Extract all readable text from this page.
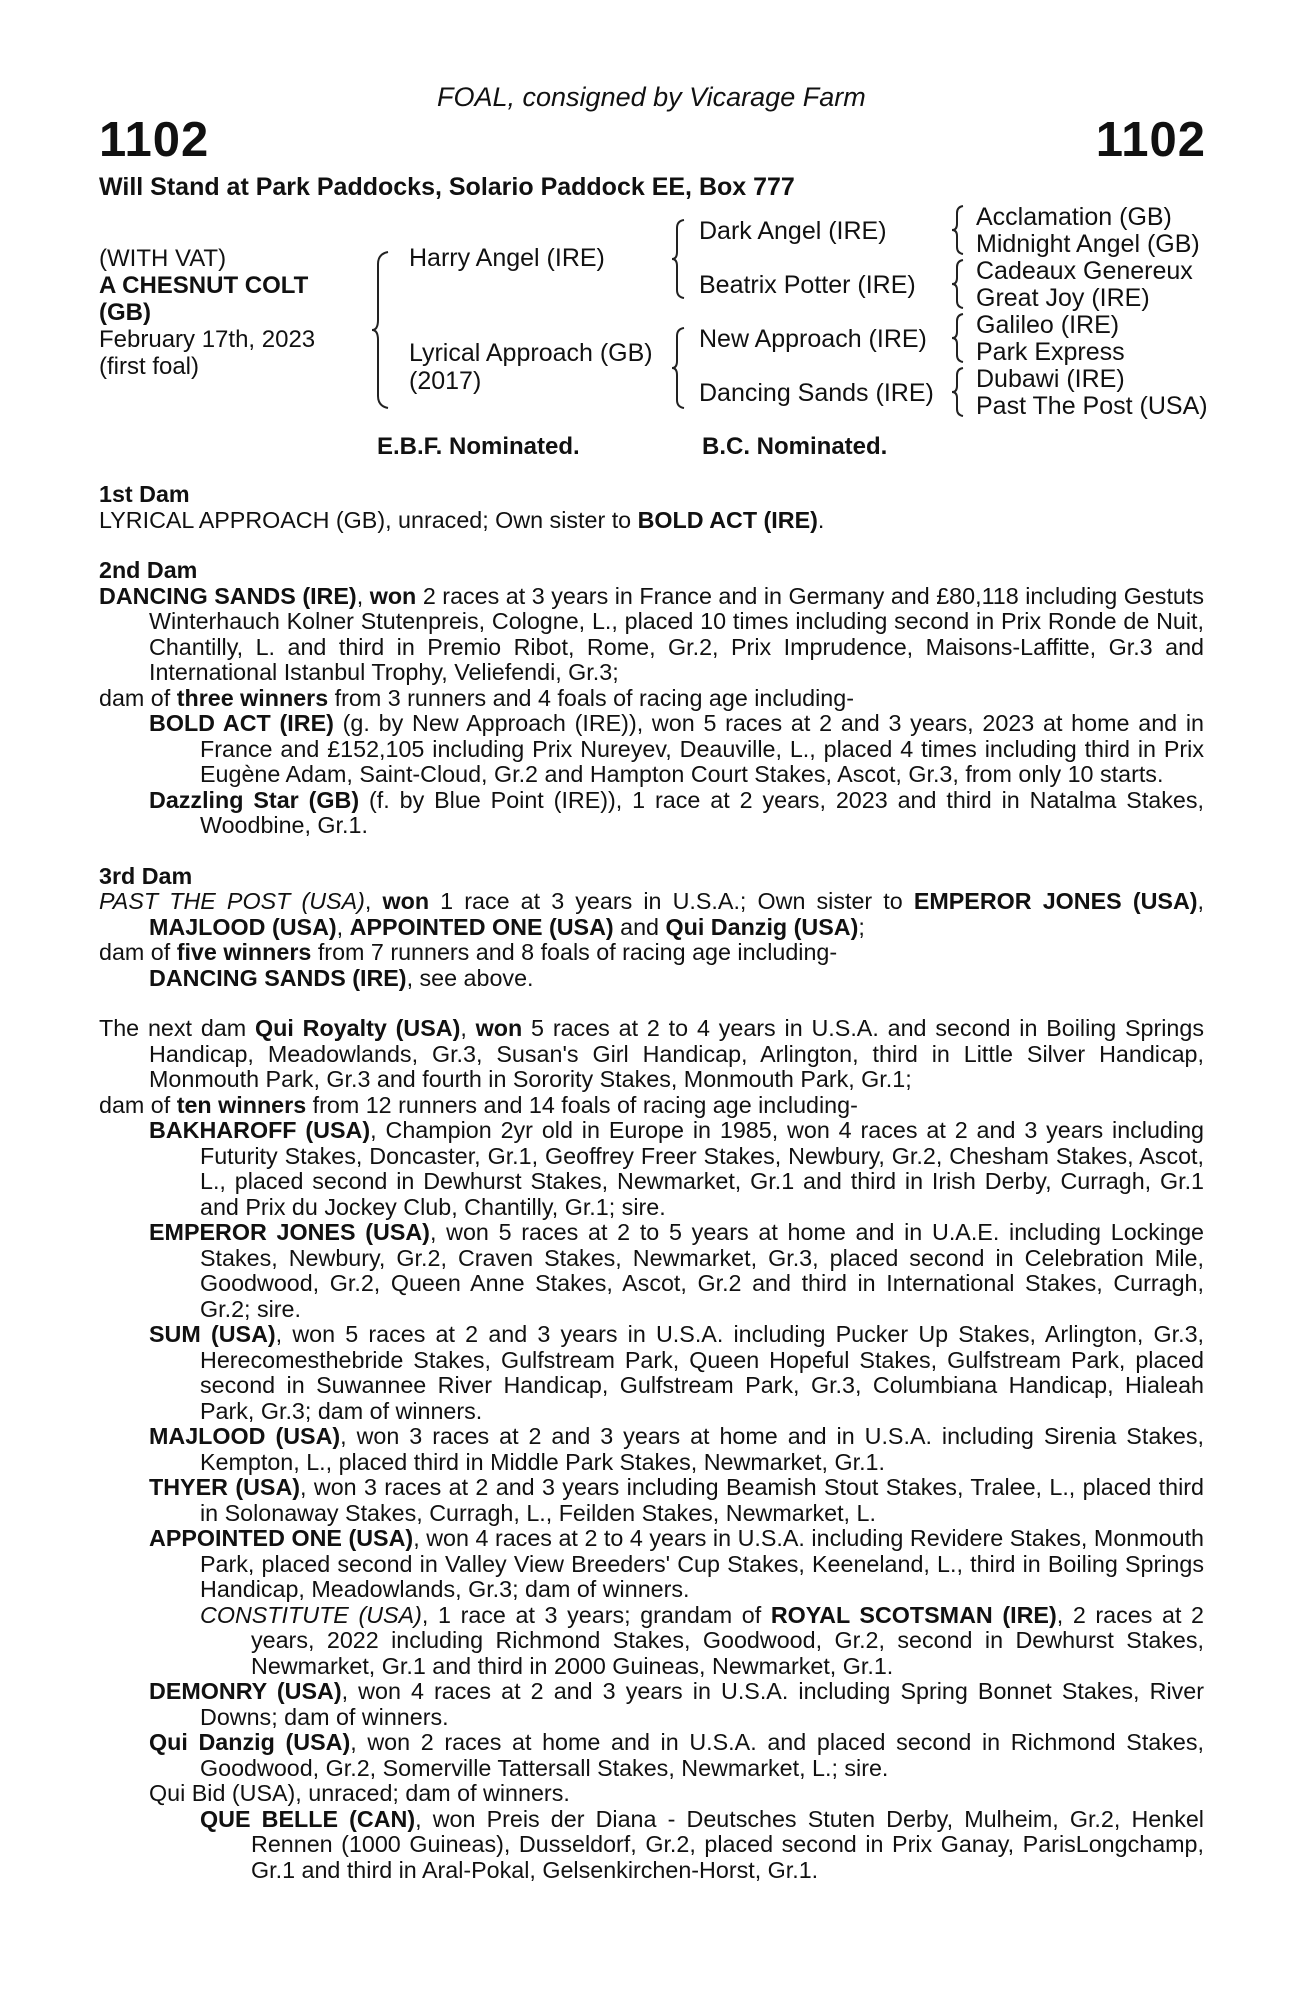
FOAL, consigned by Vicarage Farm
1102	1102
Will Stand at Park Paddocks, Solario Paddock EE, Box 777
(WITH VAT)
A CHESNUT COLT
(GB)
February 17th, 2023
(first foal)
Harry Angel (IRE)
Lyrical Approach (GB)
(2017)
Dark Angel (IRE)
Beatrix Potter (IRE)
New Approach (IRE)
Dancing Sands (IRE)
Acclamation (GB)
Midnight Angel (GB)
Cadeaux Genereux
Great Joy (IRE)
Galileo (IRE)
Park Express
Dubawi (IRE)
Past The Post (USA)
E.B.F. Nominated.	B.C. Nominated.

1st Dam

LYRICAL APPROACH (GB), unraced; Own sister to BOLD ACT (IRE).

2nd Dam

DANCING SANDS (IRE), won 2 races at 3 years in France and in Germany and £80,118 including Gestuts Winterhauch Kolner Stutenpreis, Cologne, L., placed 10 times including second in Prix Ronde de Nuit, Chantilly, L. and third in Premio Ribot, Rome, Gr.2, Prix Imprudence, Maisons-Laffitte, Gr.3 and International Istanbul Trophy, Veliefendi, Gr.3;

dam of three winners from 3 runners and 4 foals of racing age including-

BOLD ACT (IRE) (g. by New Approach (IRE)), won 5 races at 2 and 3 years, 2023 at home and in France and £152,105 including Prix Nureyev, Deauville, L., placed 4 times including third in Prix Eugène Adam, Saint-Cloud, Gr.2 and Hampton Court Stakes, Ascot, Gr.3, from only 10 starts.

Dazzling Star (GB) (f. by Blue Point (IRE)), 1 race at 2 years, 2023 and third in Natalma Stakes, Woodbine, Gr.1.

3rd Dam

PAST THE POST (USA), won 1 race at 3 years in U.S.A.; Own sister to EMPEROR JONES (USA), MAJLOOD (USA), APPOINTED ONE (USA) and Qui Danzig (USA);

dam of five winners from 7 runners and 8 foals of racing age including-

DANCING SANDS (IRE), see above.

The next dam Qui Royalty (USA), won 5 races at 2 to 4 years in U.S.A. and second in Boiling Springs Handicap, Meadowlands, Gr.3, Susan's Girl Handicap, Arlington, third in Little Silver Handicap, Monmouth Park, Gr.3 and fourth in Sorority Stakes, Monmouth Park, Gr.1;

dam of ten winners from 12 runners and 14 foals of racing age including-

BAKHAROFF (USA), Champion 2yr old in Europe in 1985, won 4 races at 2 and 3 years including Futurity Stakes, Doncaster, Gr.1, Geoffrey Freer Stakes, Newbury, Gr.2, Chesham Stakes, Ascot, L., placed second in Dewhurst Stakes, Newmarket, Gr.1 and third in Irish Derby, Curragh, Gr.1 and Prix du Jockey Club, Chantilly, Gr.1; sire.

EMPEROR JONES (USA), won 5 races at 2 to 5 years at home and in U.A.E. including Lockinge Stakes, Newbury, Gr.2, Craven Stakes, Newmarket, Gr.3, placed second in Celebration Mile, Goodwood, Gr.2, Queen Anne Stakes, Ascot, Gr.2 and third in International Stakes, Curragh, Gr.2; sire.

SUM (USA), won 5 races at 2 and 3 years in U.S.A. including Pucker Up Stakes, Arlington, Gr.3, Herecomesthebride Stakes, Gulfstream Park, Queen Hopeful Stakes, Gulfstream Park, placed second in Suwannee River Handicap, Gulfstream Park, Gr.3, Columbiana Handicap, Hialeah Park, Gr.3; dam of winners.

MAJLOOD (USA), won 3 races at 2 and 3 years at home and in U.S.A. including Sirenia Stakes, Kempton, L., placed third in Middle Park Stakes, Newmarket, Gr.1.

THYER (USA), won 3 races at 2 and 3 years including Beamish Stout Stakes, Tralee, L., placed third in Solonaway Stakes, Curragh, L., Feilden Stakes, Newmarket, L.

APPOINTED ONE (USA), won 4 races at 2 to 4 years in U.S.A. including Revidere Stakes, Monmouth Park, placed second in Valley View Breeders' Cup Stakes, Keeneland, L., third in Boiling Springs Handicap, Meadowlands, Gr.3; dam of winners.

CONSTITUTE (USA), 1 race at 3 years; grandam of ROYAL SCOTSMAN (IRE), 2 races at 2 years, 2022 including Richmond Stakes, Goodwood, Gr.2, second in Dewhurst Stakes, Newmarket, Gr.1 and third in 2000 Guineas, Newmarket, Gr.1.

DEMONRY (USA), won 4 races at 2 and 3 years in U.S.A. including Spring Bonnet Stakes, River Downs; dam of winners.

Qui Danzig (USA), won 2 races at home and in U.S.A. and placed second in Richmond Stakes, Goodwood, Gr.2, Somerville Tattersall Stakes, Newmarket, L.; sire.

Qui Bid (USA), unraced; dam of winners.

QUE BELLE (CAN), won Preis der Diana - Deutsches Stuten Derby, Mulheim, Gr.2, Henkel Rennen (1000 Guineas), Dusseldorf, Gr.2, placed second in Prix Ganay, ParisLongchamp, Gr.1 and third in Aral-Pokal, Gelsenkirchen-Horst, Gr.1.
